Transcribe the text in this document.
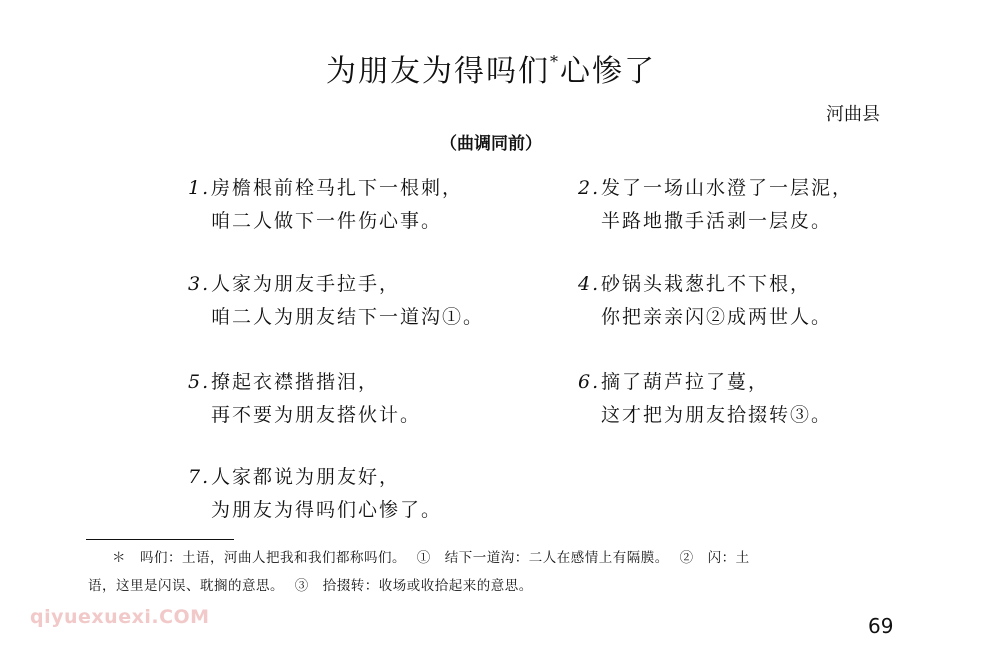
为朋友为得吗们*心惨了
河曲县
（曲调同前）
1.房檐根前栓马扎下一根刺，
咱二人做下一件伤心事。
2.发了一场山水澄了一层泥，
半路地撒手活剥一层皮。
3.人家为朋友手拉手，
咱二人为朋友结下一道沟①。
4.砂锅头栽葱扎不下根，
你把亲亲闪②成两世人。
5.撩起衣襟揩揩泪，
再不要为朋友搭伙计。
6.摘了葫芦拉了蔓，
这才把为朋友拾掇转③。
7.人家都说为朋友好，
为朋友为得吗们心惨了。
＊　吗们：土语，河曲人把我和我们都称吗们。 ①　结下一道沟：二人在感情上有隔膜。 ②　闪：土
语，这里是闪误、耽搁的意思。 ③　拾掇转：收场或收拾起来的意思。
qiyuexuexi.COM	69
